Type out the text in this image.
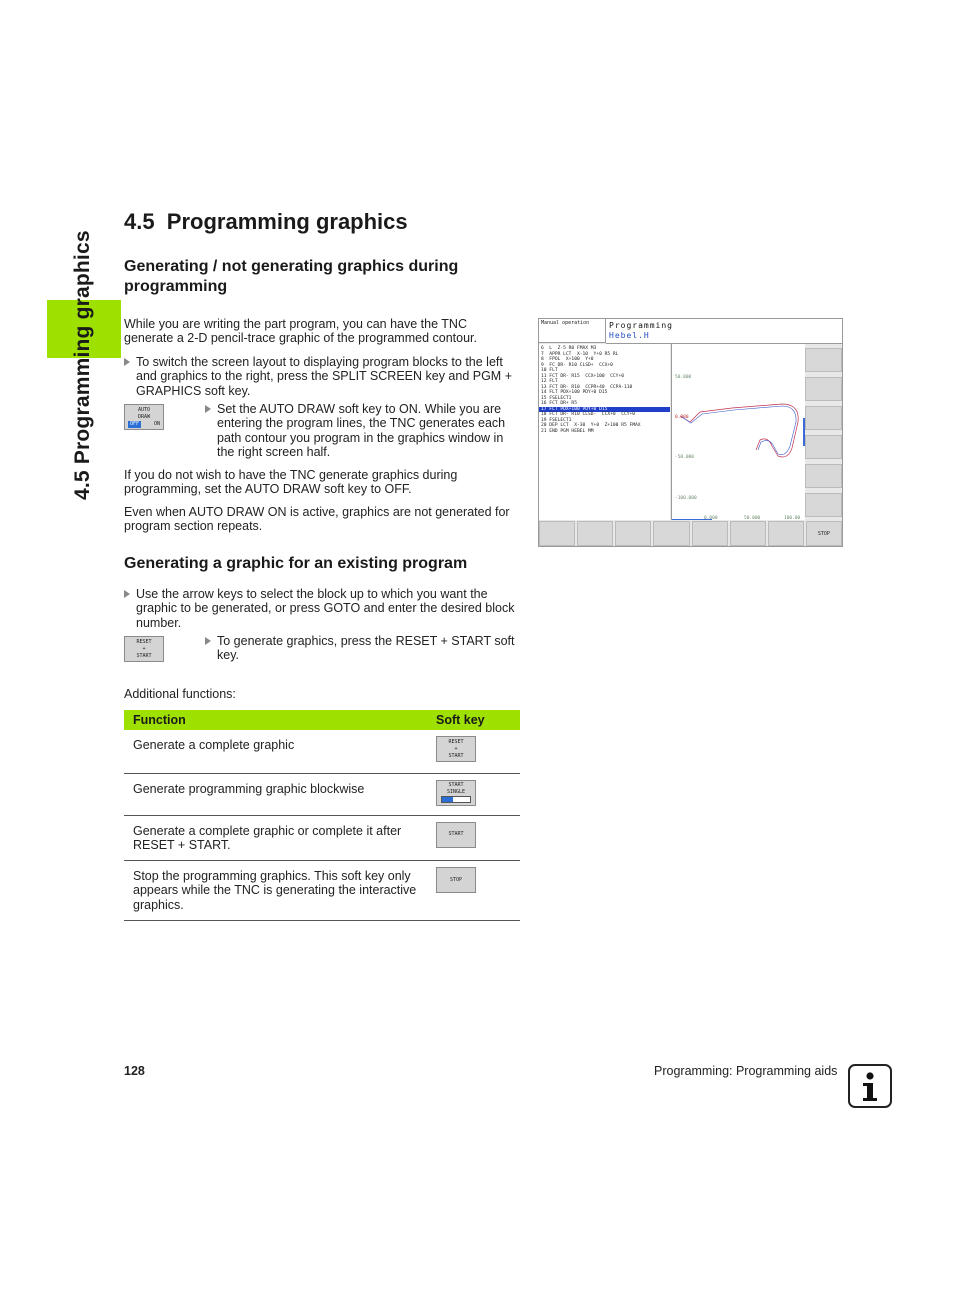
4.5 Programming graphics
4.5  Programming graphics
Generating / not generating graphics during programming
While you are writing the part program, you can have the TNC generate a 2-D pencil-trace graphic of the programmed contour.
To switch the screen layout to displaying program blocks to the left and graphics to the right, press the SPLIT SCREEN key and PGM + GRAPHICS soft key.
AUTO
DRAW
OFF	ON
Set the AUTO DRAW soft key to ON. While you are entering the program lines, the TNC generates each path contour you program in the graphics window in the right screen half.
If you do not wish to have the TNC generate graphics during programming, set the AUTO DRAW soft key to OFF.
Even when AUTO DRAW ON is active, graphics are not generated for program section repeats.
Generating a graphic for an existing program
Use the arrow keys to select the block up to which you want the graphic to be generated, or press GOTO and enter the desired block number.
RESET
+
START
To generate graphics, press the RESET + START soft key.
Additional functions:
Function	Soft key
Generate a complete graphic	RESET
+
START

Generate programming graphic blockwise	START
SINGLE

Generate a complete graphic or complete it after RESET + START.	START

Stop the programming graphics. This soft key only appears while the TNC is generating the interactive graphics.	STOP
Manual operation	Programming
Hebel.H
6  L  Z-5 R0 FMAX M3
7  APPR LCT  X-10  Y+0 R5 RL
8  FPOL  X+100  Y+0
9  FC DR- R10 CLSD+  CCX+0
10 FLT
11 FCT DR- R15  CCX+100  CCY+0
12 FLT
13 FCT DR- R10  CCPR+40  CCPA-110
14 FLT PDX+100 PDY+0 D15
15 FSELECT1
16 FCT DR+ R5
17 FLT PDX+100 PDY+0 D15
18 FCT DR- R10 CLSD-  CCX+0  CCY+0
19 FSELECT1
20 DEP LCT  X-30  Y+0  Z+100 R5 FMAX
21 END PGM HEBEL MM
50.000
0.000
-50.000
-100.000
0.000	50.000	100.00
STOP
128	Programming: Programming aids
